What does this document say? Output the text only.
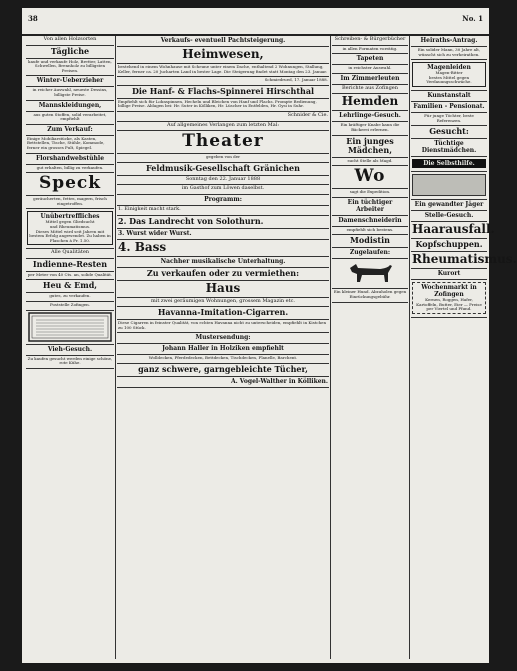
38	No. 1
Von allen Holzsorten
Tägliche
kaufe und verkaufe Holz, Bretter, Latten, Schwellen, Brennholz zu billigsten Preisen.
Winter-Ueberzieher
in reicher Auswahl, neueste Dessins, billigste Preise.
Mannskleidungen,
aus guten Stoffen, solid verarbeitet, empfiehlt
Zum Verkauf:
Einige Mobiliarstücke, als Kasten, Bettstellen, Tische, Stühle, Kommode, ferner ein grosses Pult, Spiegel.
Florshandwebstühle
gut erhalten, billig zu verkaufen.
Speck
geräucherten, fettes, magern, frisch eingetroffen.
Unübertreffliches
Mittel gegen Gliedsucht
und Rheumatismus.
Dieses Mittel wird seit Jahren mit bestem Erfolg angewendet. Zu haben in Flaschen à Fr. 1.50.
Alle Qualitäten
Indienne-Resten
per Meter von 40 Cts. an, solide Qualität.
Heu & Emd,
gutes, zu verkaufen.
Poststelle Zofingen.
Vieh-Gesuch.
Zu kaufen gesucht werden einige schöne, rote Kühe.
Verkaufs- eventuell Pachtsteigerung.
Heimwesen,
bestehend in einem Wohnhause mit Scheune unter einem Dache, enthaltend 2 Wohnungen, Stallung, Keller, ferner ca. 20 Jucharten Land in bester Lage. Die Steigerung findet statt Montag den 23. Januar.
Schmiedrued, 17. Januar 1888.
Die Hanf- & Flachs-Spinnerei Hirschthal
Empfiehlt sich für Lohnspinnen, Hecheln und Bleichen von Hanf und Flachs. Prompte Bedienung, billige Preise. Ablagen bei: Hr. Suter in Kölliken, Hr. Lüscher in Entfelden, Hr. Gysi in Suhr.
Schnider & Cie.
Auf allgemeines Verlangen zum letzten Mal:
Theater
gegeben von der
Feldmusik-Gesellschaft Gränichen
Sonntag den 22. Januar 1888
im Gasthof zum Löwen daselbst.
Programm:
1. Einigkeit macht stark.
2. Das Landrecht von Solothurn.
3. Wurst wider Wurst.
4. Bass
Nachher musikalische Unterhaltung.
Zu verkaufen oder zu vermiethen:
Haus
mit zwei geräumigen Wohnungen, grossem Magazin etc.
Havanna-Imitation-Cigarren.
Diese Cigarren in feinster Qualität, von echten Havanna nicht zu unterscheiden, empfiehlt in Kistchen zu 100 Stück.
Mustersendung:
Johann Haller in Holziken empfiehlt
Wolldecken, Pferdedecken, Bettdecken, Tischdecken, Flanelle, Barchent.
ganz schwere, garngebleichte Tücher,
A. Vogel-Walther in Kölliken.
Schreiben- & Bürgerbücher
in allen Formaten vorrätig.
Tapeten
in reichster Auswahl.
Im Zimmerleuten
Berichte aus Zofingen
Hemden
Lehrlinge-Gesuch.
Ein kräftiger Knabe kann die Bäckerei erlernen.
Ein junges Mädchen,
sucht Stelle als Magd.
Wo
sagt die Expedition.
Ein tüchtiger Arbeiter
Damenschneiderin
empfiehlt sich bestens.
Modistin
Zugelaufen:
Ein kleiner Hund. Abzuholen gegen Einrückungsgebühr.
Heiraths-Antrag.
Ein solider Mann, 30 Jahre alt, wünscht sich zu verheirathen.
Magenleiden
Magen-Bitter
bestes Mittel gegen Verdauungsschwäche.
Kunstanstalt
Familien - Pensionat.
Für junge Töchter, beste Referenzen.
Gesucht:
Tüchtige Dienstmädchen.
Die Selbsthilfe.
Ein gewandter Jäger
Stelle-Gesuch.
Haarausfall.
Kopfschuppen.
Rheumatismus.
Kurort
Wochenmarkt in Zofingen
Kernen, Roggen, Hafer, Kartoffeln, Butter, Eier — Preise per Viertel und Pfund.
